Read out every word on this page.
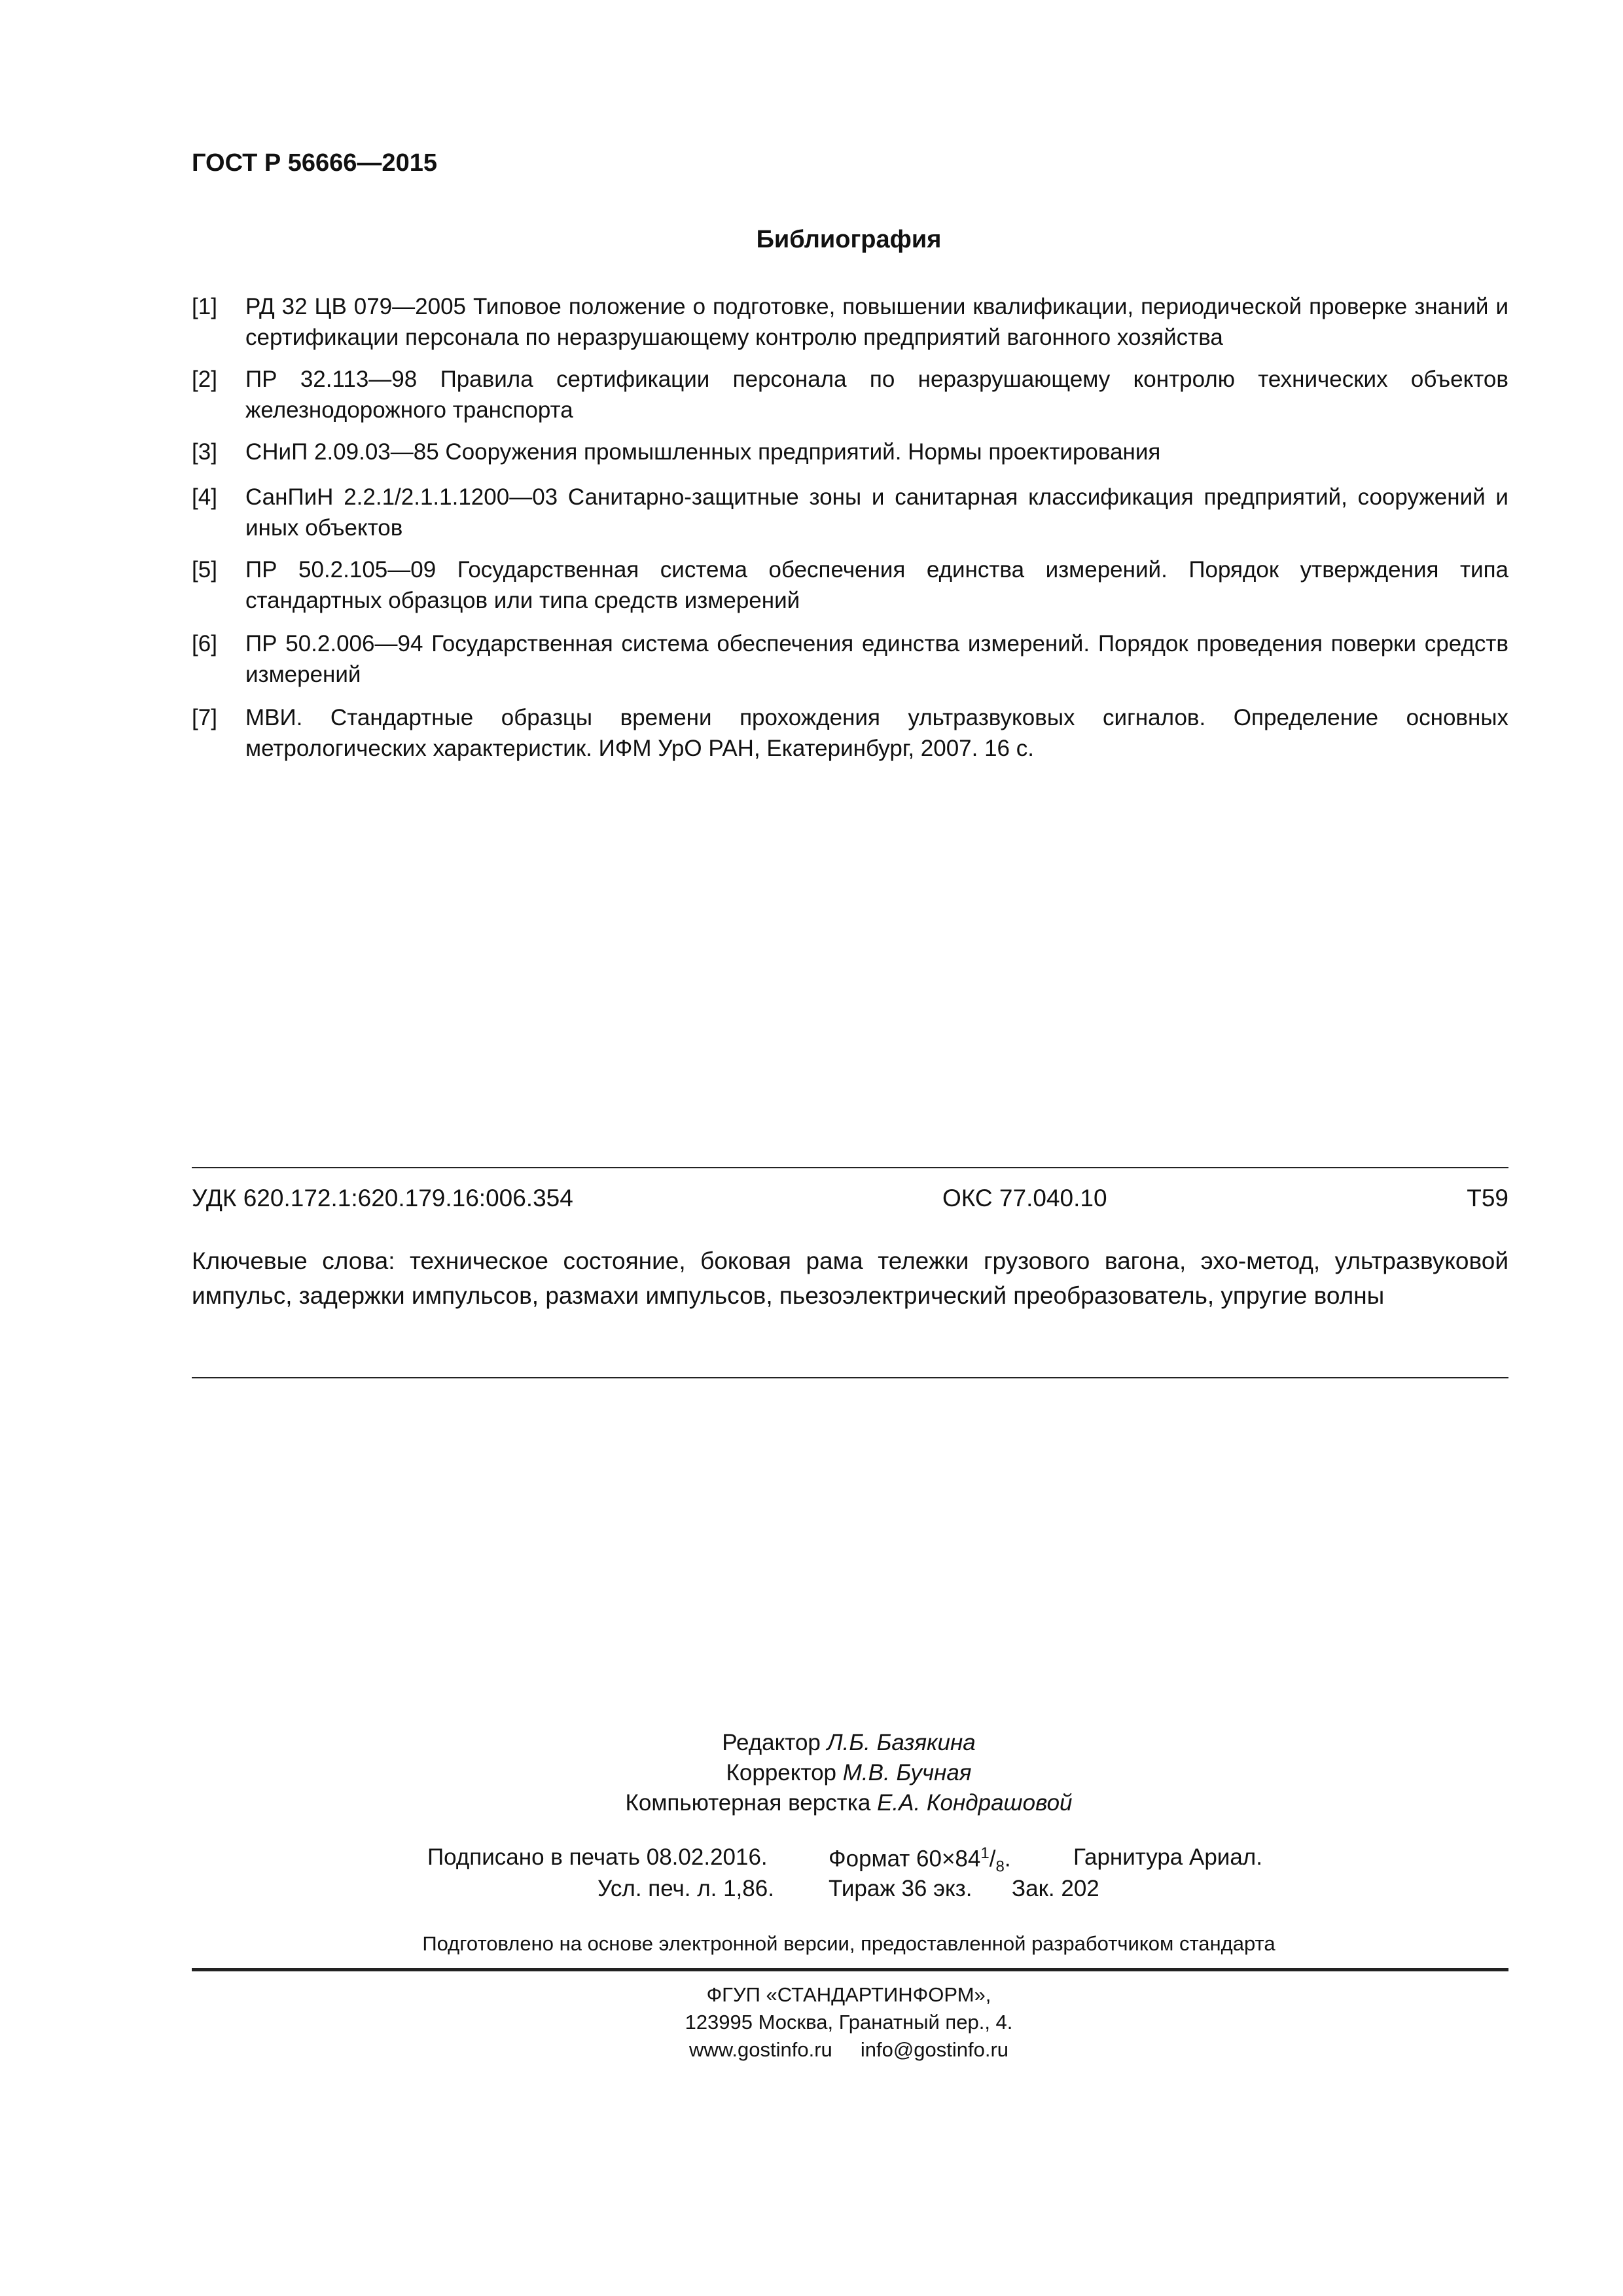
ГОСТ Р 56666—2015
Библиография
[1] РД 32 ЦВ 079—2005 Типовое положение о подготовке, повышении квалификации, периодической проверке знаний и сертификации персонала по неразрушающему контролю предприятий вагонного хозяйства
[2] ПР 32.113—98 Правила сертификации персонала по неразрушающему контролю технических объектов железнодорожного транспорта
[3] СНиП 2.09.03—85 Сооружения промышленных предприятий. Нормы проектирования
[4] СанПиН 2.2.1/2.1.1.1200—03 Санитарно-защитные зоны и санитарная классификация предприятий, сооружений и иных объектов
[5] ПР 50.2.105—09 Государственная система обеспечения единства измерений. Порядок утверждения типа стандартных образцов или типа средств измерений
[6] ПР 50.2.006—94 Государственная система обеспечения единства измерений. Порядок проведения поверки средств измерений
[7] МВИ. Стандартные образцы времени прохождения ультразвуковых сигналов. Определение основных метрологических характеристик. ИФМ УрО РАН, Екатеринбург, 2007. 16 с.
УДК 620.172.1:620.179.16:006.354	ОКС 77.040.10	Т59
Ключевые слова: техническое состояние, боковая рама тележки грузового вагона, эхо-метод, ультразвуковой импульс, задержки импульсов, размахи импульсов, пьезоэлектрический преобразователь, упругие волны
Редактор Л.Б. Базякина
Корректор М.В. Бучная
Компьютерная верстка Е.А. Кондрашовой
Подписано в печать 08.02.2016.	Формат $60\times 84^1/_8$.	Гарнитура Ариал.
Усл. печ. л. 1,86. Тираж 36 экз. Зак. 202
Подготовлено на основе электронной версии, предоставленной разработчиком стандарта
ФГУП «СТАНДАРТИНФОРМ»,
123995 Москва, Гранатный пер., 4.
www.gostinfo.ru info@gostinfo.ru
